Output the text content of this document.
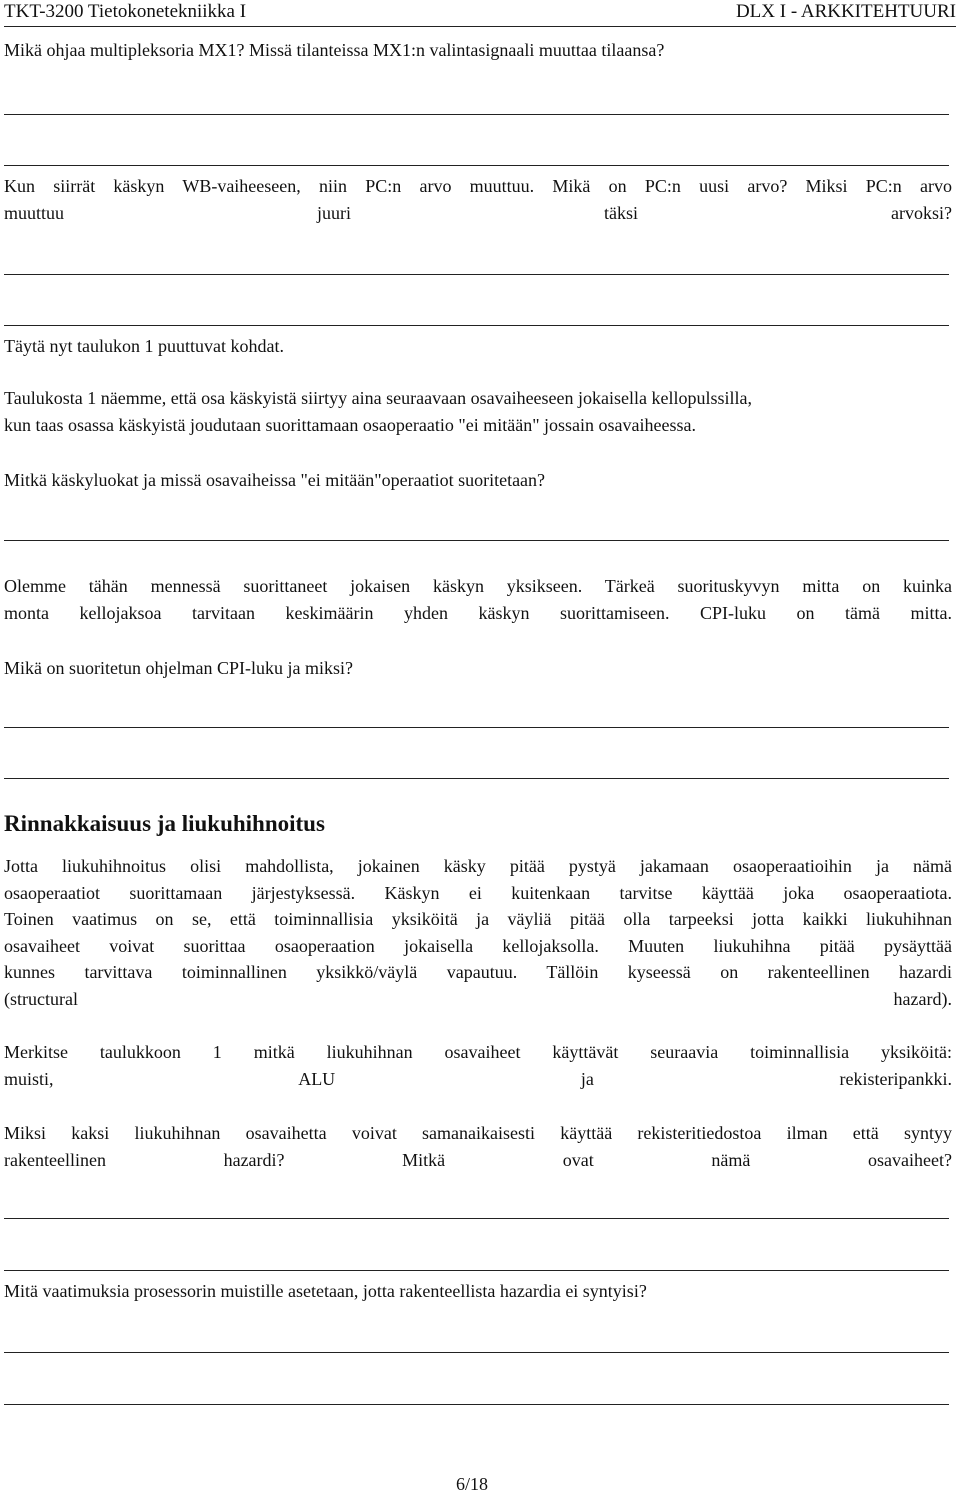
TKT-3200 Tietokonetekniikka I	DLX I - ARKKITEHTUURI
Mikä ohjaa multipleksoria MX1? Missä tilanteissa MX1:n valintasignaali muuttaa tilaansa?
Kun siirrät käskyn WB-vaiheeseen, niin PC:n arvo muuttuu. Mikä on PC:n uusi arvo? Miksi PC:n arvo
muuttuu juuri täksi arvoksi?
Täytä nyt taulukon 1 puuttuvat kohdat.
Taulukosta 1 näemme, että osa käskyistä siirtyy aina seuraavaan osavaiheeseen jokaisella kellopulssilla,
kun taas osassa käskyistä joudutaan suorittamaan osaoperaatio "ei mitään" jossain osavaiheessa.
Mitkä käskyluokat ja missä osavaiheissa "ei mitään"operaatiot suoritetaan?
Olemme tähän mennessä suorittaneet jokaisen käskyn yksikseen. Tärkeä suorituskyvyn mitta on kuinka
monta kellojaksoa tarvitaan keskimäärin yhden käskyn suorittamiseen. CPI-luku on tämä mitta.
Mikä on suoritetun ohjelman CPI-luku ja miksi?
Rinnakkaisuus ja liukuhihnoitus
Jotta liukuhihnoitus olisi mahdollista, jokainen käsky pitää pystyä jakamaan osaoperaatioihin ja nämä
osaoperaatiot suorittamaan järjestyksessä. Käskyn ei kuitenkaan tarvitse käyttää joka osaoperaatiota.
Toinen vaatimus on se, että toiminnallisia yksiköitä ja väyliä pitää olla tarpeeksi jotta kaikki liukuhihnan
osavaiheet voivat suorittaa osaoperaation jokaisella kellojaksolla. Muuten liukuhihna pitää pysäyttää
kunnes tarvittava toiminnallinen yksikkö/väylä vapautuu. Tällöin kyseessä on rakenteellinen hazardi
(structural hazard).
Merkitse taulukkoon 1 mitkä liukuhihnan osavaiheet käyttävät seuraavia toiminnallisia yksiköitä:
muisti, ALU ja rekisteripankki.
Miksi kaksi liukuhihnan osavaihetta voivat samanaikaisesti käyttää rekisteritiedostoa ilman että syntyy
rakenteellinen hazardi? Mitkä ovat nämä osavaiheet?
Mitä vaatimuksia prosessorin muistille asetetaan, jotta rakenteellista hazardia ei syntyisi?
6/18
